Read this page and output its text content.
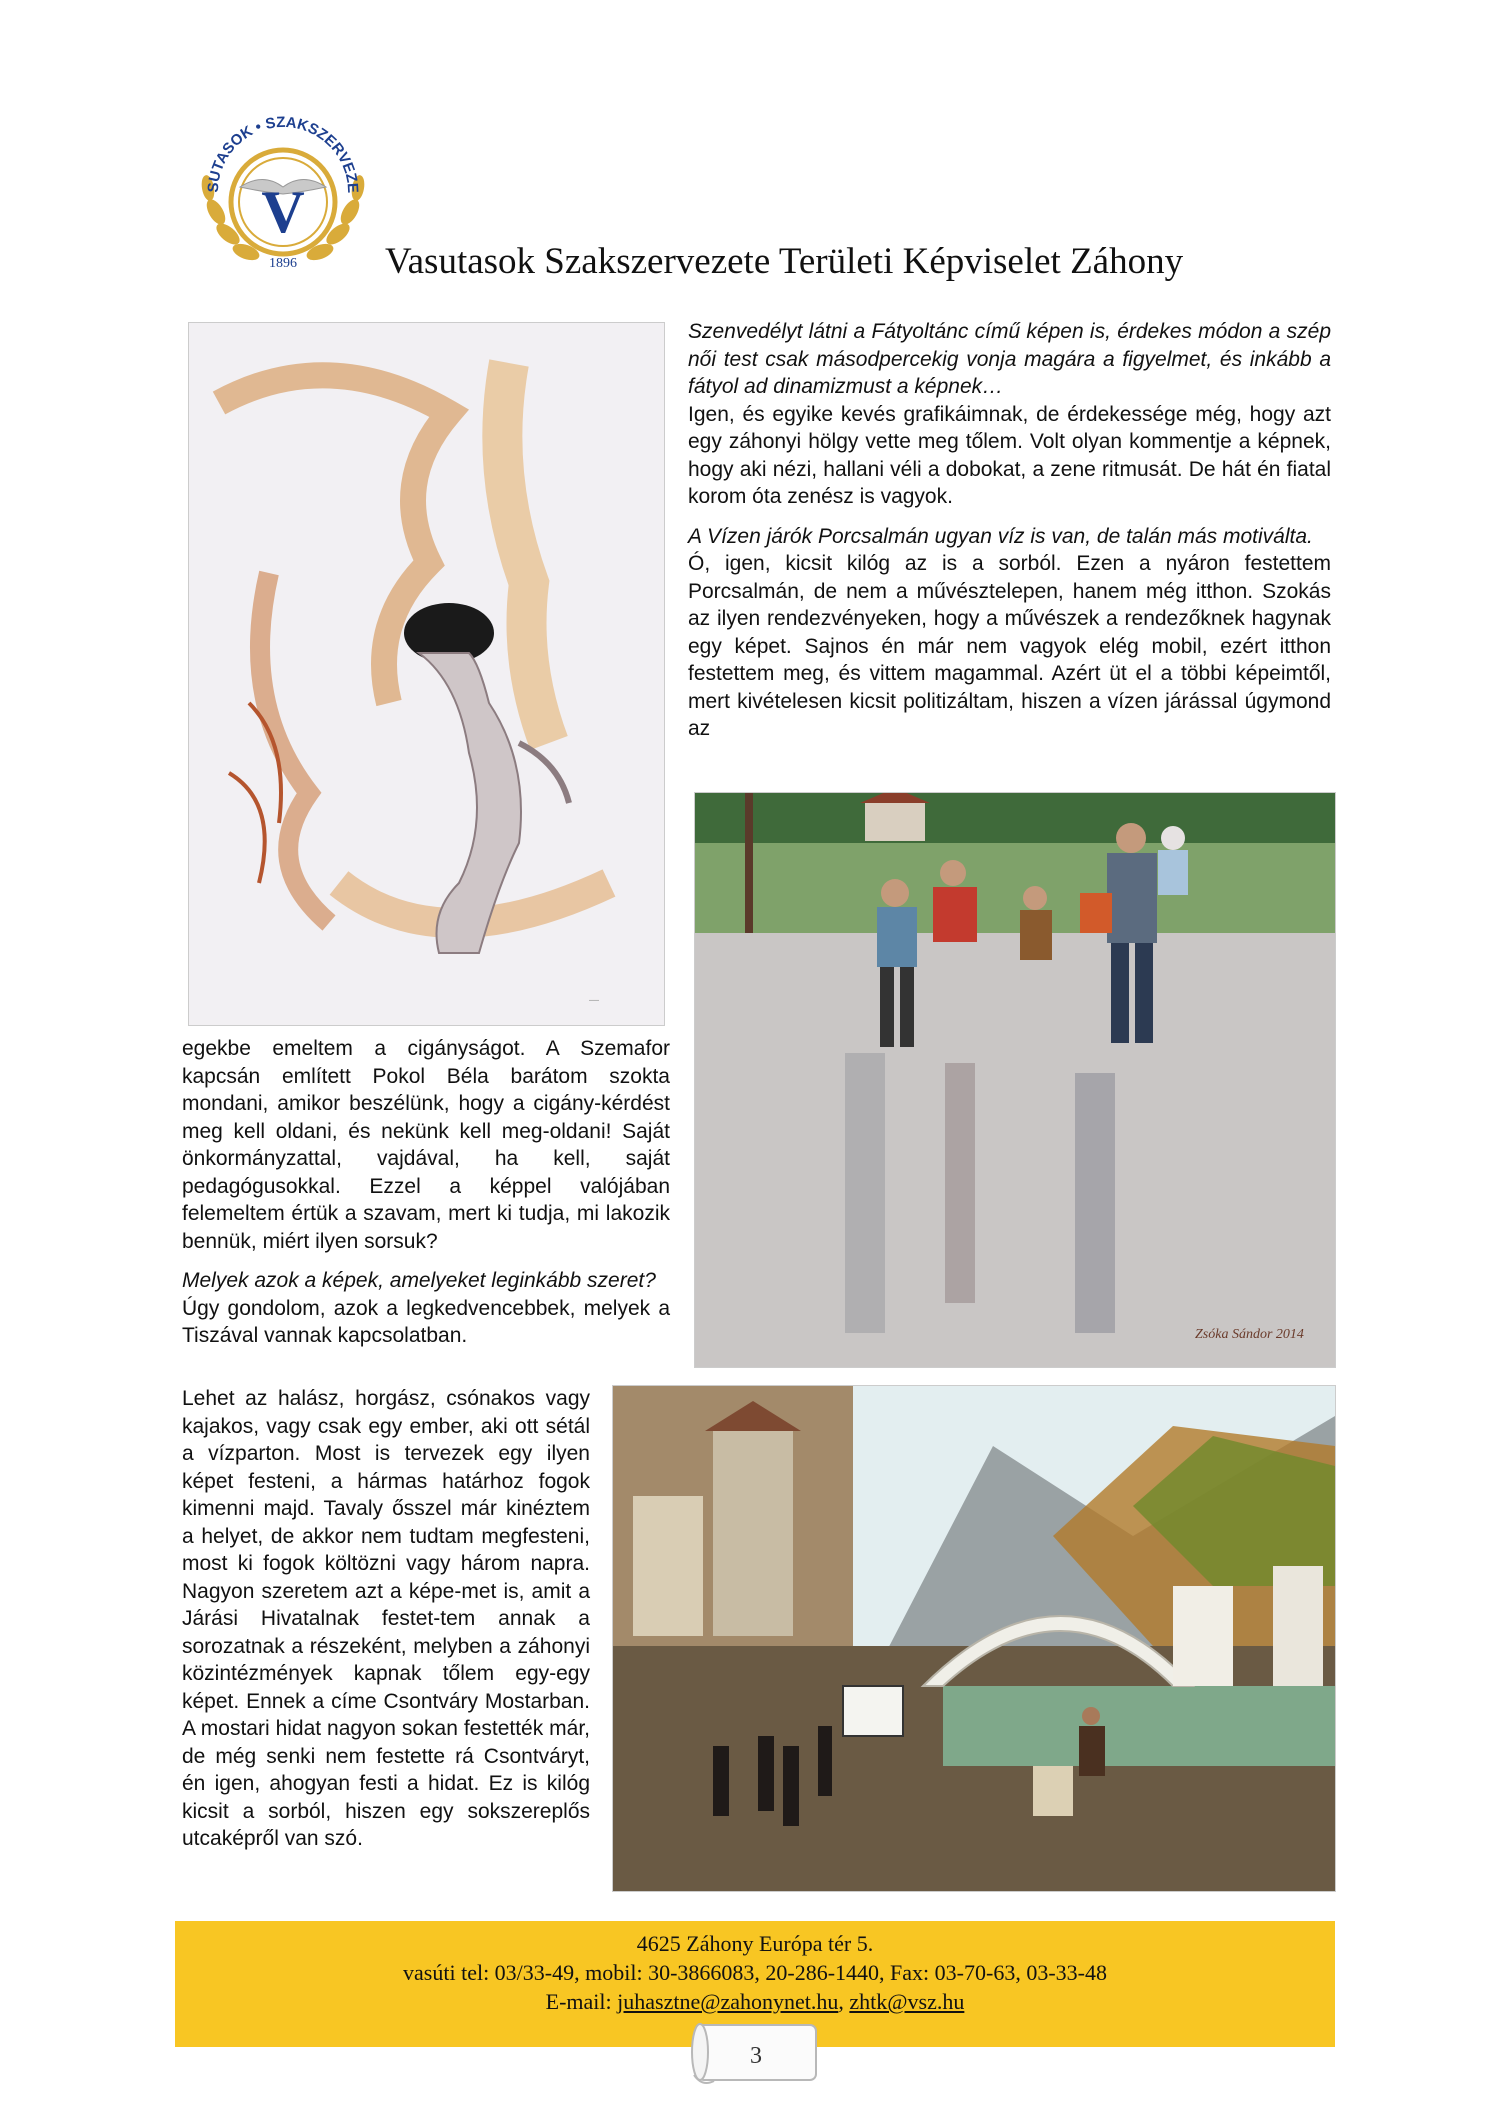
V
SUTASOK • SZAKSZERVEZE
1896 Vasutasok Szakszervezete Területi Képviselet Záhony
—
Zsóka Sándor 2014

Szenvedélyt látni a Fátyoltánc című képen is, érdekes módon a szép női test csak másodpercekig vonja magára a figyelmet, és inkább a fátyol ad dinamizmust a képnek…

Igen, és egyike kevés grafikáimnak, de érdekessége még, hogy azt egy záhonyi hölgy vette meg tőlem. Volt olyan kommentje a képnek, hogy aki nézi, hallani véli a dobokat, a zene ritmusát. De hát én fiatal korom óta zenész is vagyok.

A Vízen járók Porcsalmán ugyan víz is van, de talán más motiválta.

Ó, igen, kicsit kilóg az is a sorból. Ezen a nyáron festettem Porcsalmán, de nem a művésztelepen, hanem még itthon. Szokás az ilyen rendezvényeken, hogy a művészek a rendezőknek hagynak egy képet. Sajnos én már nem vagyok elég mobil, ezért itthon festettem meg, és vittem magammal. Azért üt el a többi képeimtől, mert kivételesen kicsit politizáltam, hiszen a vízen járással úgymond az

egekbe emeltem a cigányságot. A Szemafor kapcsán említett Pokol Béla barátom szokta mondani, amikor beszélünk, hogy a cigány-kérdést meg kell oldani, és nekünk kell meg-oldani! Saját önkormányzattal, vajdával, ha kell, saját pedagógusokkal. Ezzel a képpel valójában felemeltem értük a szavam, mert ki tudja, mi lakozik bennük, miért ilyen sorsuk?

Melyek azok a képek, amelyeket leginkább szeret?

Úgy gondolom, azok a legkedvencebbek, melyek a Tiszával vannak kapcsolatban.

Lehet az halász, horgász, csónakos vagy kajakos, vagy csak egy ember, aki ott sétál a vízparton. Most is tervezek egy ilyen képet festeni, a hármas határhoz fogok kimenni majd. Tavaly ősszel már kinéztem a helyet, de akkor nem tudtam megfesteni, most ki fogok költözni vagy három napra. Nagyon szeretem azt a képe-met is, amit a Járási Hivatalnak festet-tem annak a sorozatnak a részeként, melyben a záhonyi közintézmények kapnak tőlem egy-egy képet. Ennek a címe Csontváry Mostarban. A mostari hidat nagyon sokan festették már, de még senki nem festette rá Csontváryt, én igen, ahogyan festi a hidat. Ez is kilóg kicsit a sorból, hiszen egy sokszereplős utcaképről van szó.

4625 Záhony Európa tér 5.
vasúti tel: 03/33-49, mobil: 30-3866083, 20-286-1440, Fax: 03-70-63, 03-33-48
E-mail: juhasztne@zahonynet.hu, zhtk@vsz.hu
3
